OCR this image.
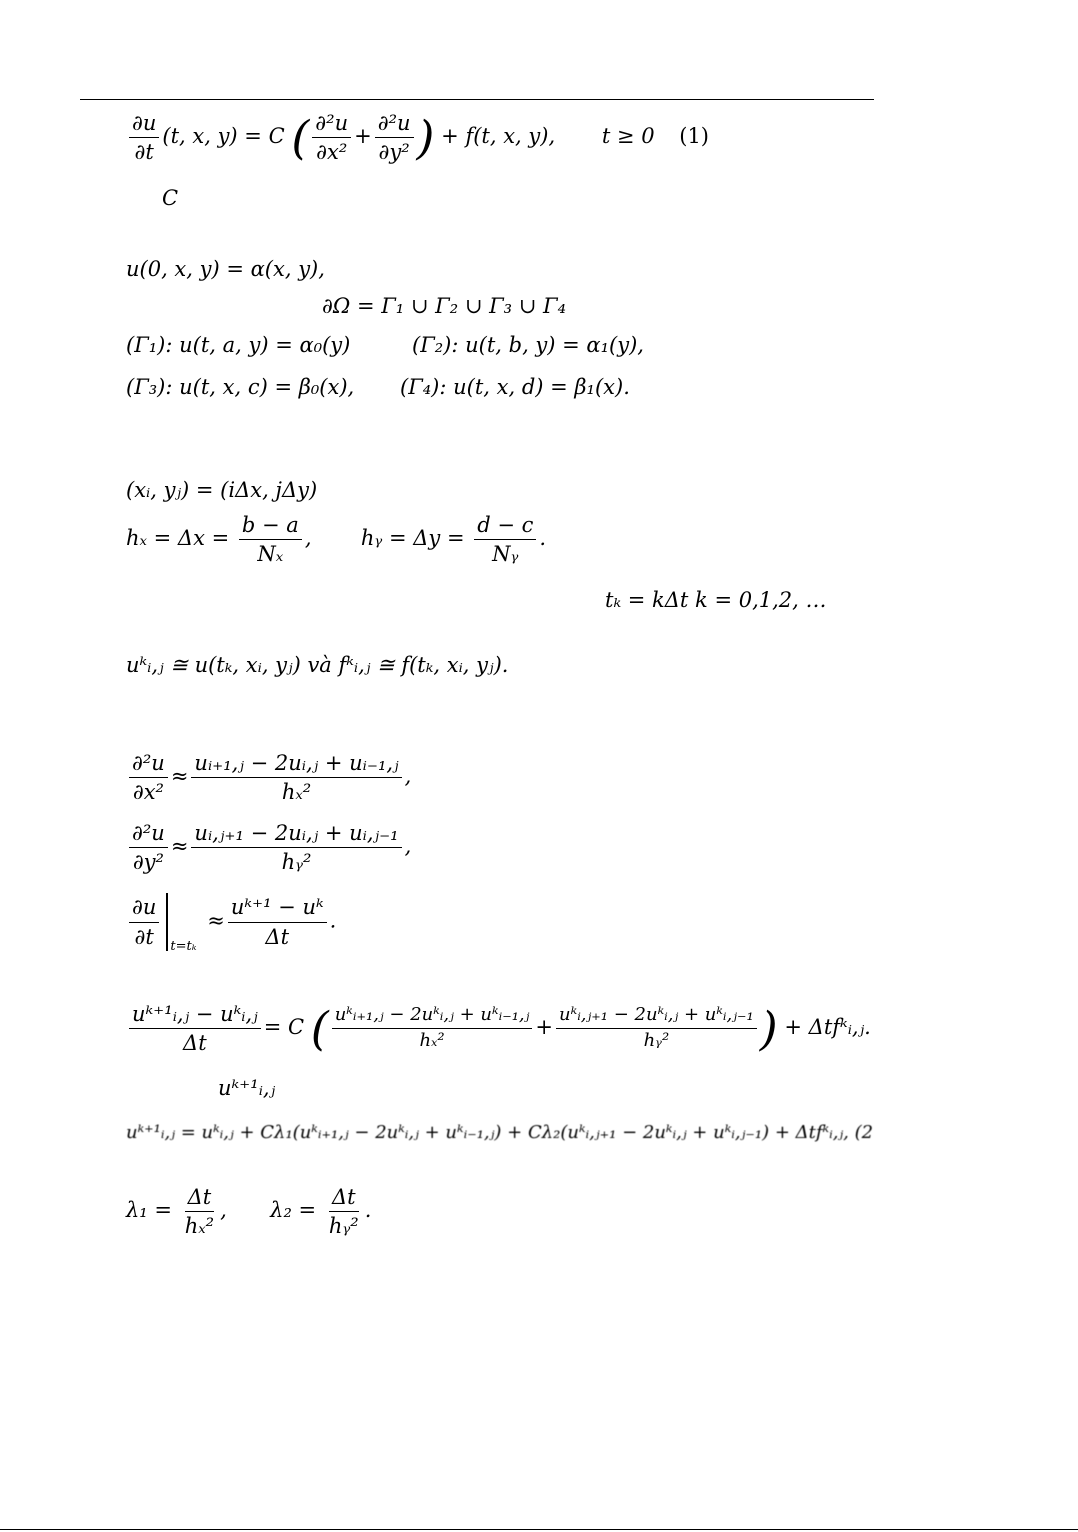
$\frac{\partial u}{\partial t} (t$, x, y) = C ( $\frac{\text{∂²u}}{\text{∂x²}} + \frac{\text{∂²u}}{\text{∂y²}}$ ) + f(t, x, y), t ≥ 0 (1)
C
u(0, x, y) = α(x, y),
∂Ω = Γ₁ ∪ Γ₂ ∪ Γ₃ ∪ Γ₄
(Γ₁): u(t, a, y) = α₀(y)	(Γ₂): u(t, b, y) = α₁(y),
(Γ₃): u(t, x, c) = β₀(x), (Γ₄): u(t, x, d) = β₁(x).
(xᵢ, yⱼ) = (iΔx, jΔy)
$h_x = \Delta x = \frac{b - a}{\text{Nₓ}}$ , hᵧ = $\Delta y = \frac{d - c}{\text{Nᵧ}}$ .
tₖ = kΔt k = 0,1,2, …
uᵏᵢ,ⱼ ≅ u(tₖ, xᵢ, yⱼ) và fᵏᵢ,ⱼ ≅ f(tₖ, xᵢ, yⱼ).
$\frac{\text{∂²u}}{\text{∂x²}} \approx \frac{\text{uᵢ₊₁,ⱼ − 2uᵢ,ⱼ + uᵢ₋₁,ⱼ}}{\text{hₓ²}}$ ,
$\frac{\text{∂²u}}{\text{∂y²}} \approx \frac{\text{uᵢ,ⱼ₊₁ − 2uᵢ,ⱼ + uᵢ,ⱼ₋₁}}{\text{hᵧ²}}$ ,
$\frac{\partial u}{\partial t} _{t=t_k} \approx \frac{\text{uᵏ⁺¹ − uᵏ}}{\Delta t}$ .
$\frac{\text{uᵏ⁺¹ᵢ,ⱼ − uᵏᵢ,ⱼ}}{\Delta t} = C$ ( $\frac{\text{uᵏᵢ₊₁,ⱼ − 2uᵏᵢ,ⱼ + uᵏᵢ₋₁,ⱼ}}{\text{hₓ²}} + \frac{\text{uᵏᵢ,ⱼ₊₁ − 2uᵏᵢ,ⱼ + uᵏᵢ,ⱼ₋₁}}{\text{hᵧ²}}$ ) + Δtfᵏᵢ,ⱼ.
uᵏ⁺¹ᵢ,ⱼ
uᵏ⁺¹ᵢ,ⱼ = uᵏᵢ,ⱼ + Cλ₁(uᵏᵢ₊₁,ⱼ − 2uᵏᵢ,ⱼ + uᵏᵢ₋₁,ⱼ) + Cλ₂(uᵏᵢ,ⱼ₊₁ − 2uᵏᵢ,ⱼ + uᵏᵢ,ⱼ₋₁) + Δtfᵏᵢ,ⱼ, (2
$\lambda_1 = \frac{\Delta t}{\text{hₓ²}}$ , $\lambda_2 = \frac{\Delta t}{\text{hᵧ²}}$ .
